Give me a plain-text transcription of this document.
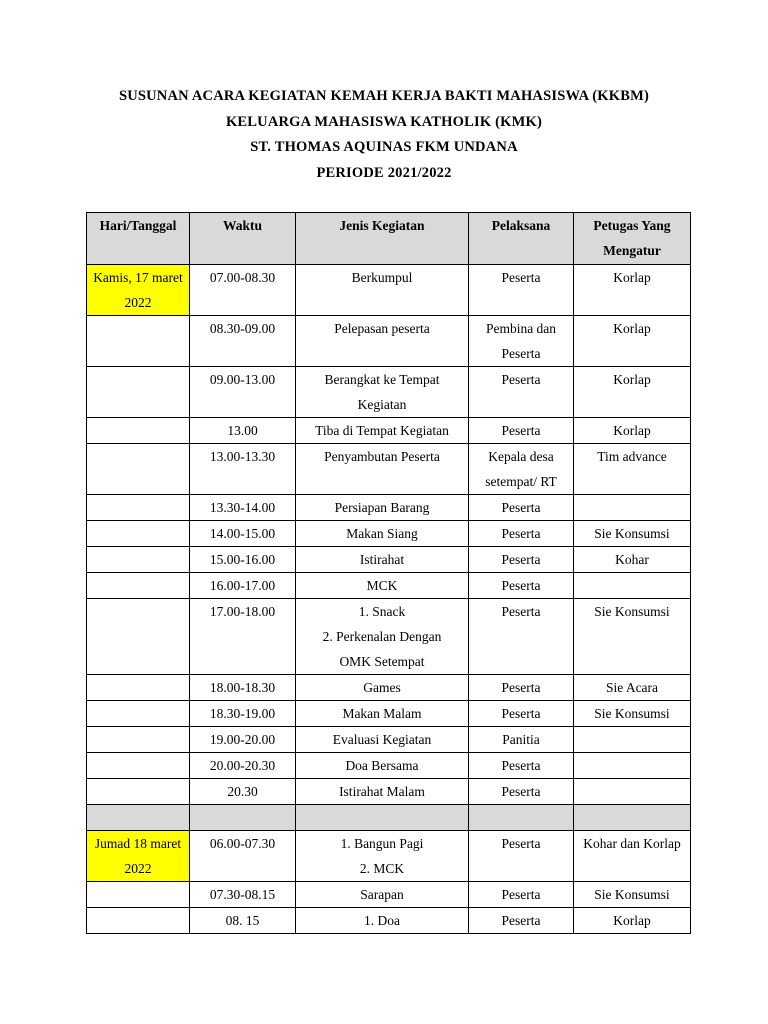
SUSUNAN ACARA KEGIATAN KEMAH KERJA BAKTI MAHASISWA (KKBM)
KELUARGA MAHASISWA KATHOLIK (KMK)
ST. THOMAS AQUINAS FKM UNDANA
PERIODE 2021/2022
Hari/Tanggal	Waktu	Jenis Kegiatan	Pelaksana	Petugas Yang Mengatur
Kamis, 17 maret 2022	07.00-08.30	Berkumpul	Peserta	Korlap
	08.30-09.00	Pelepasan peserta	Pembina dan Peserta	Korlap
	09.00-13.00	Berangkat ke Tempat Kegiatan	Peserta	Korlap
	13.00	Tiba di Tempat Kegiatan	Peserta	Korlap
	13.00-13.30	Penyambutan Peserta	Kepala desa setempat/ RT	Tim advance
	13.30-14.00	Persiapan Barang	Peserta	
	14.00-15.00	Makan Siang	Peserta	Sie Konsumsi
	15.00-16.00	Istirahat	Peserta	Kohar
	16.00-17.00	MCK	Peserta	
	17.00-18.00	1. Snack
2. Perkenalan Dengan
OMK Setempat	Peserta	Sie Konsumsi
	18.00-18.30	Games	Peserta	Sie Acara
	18.30-19.00	Makan Malam	Peserta	Sie Konsumsi
	19.00-20.00	Evaluasi Kegiatan	Panitia	
	20.00-20.30	Doa Bersama	Peserta	
	20.30	Istirahat Malam	Peserta	

Jumad 18 maret 2022	06.00-07.30	1. Bangun Pagi
2. MCK	Peserta	Kohar dan Korlap
	07.30-08.15	Sarapan	Peserta	Sie Konsumsi
	08. 15	1. Doa	Peserta	Korlap
